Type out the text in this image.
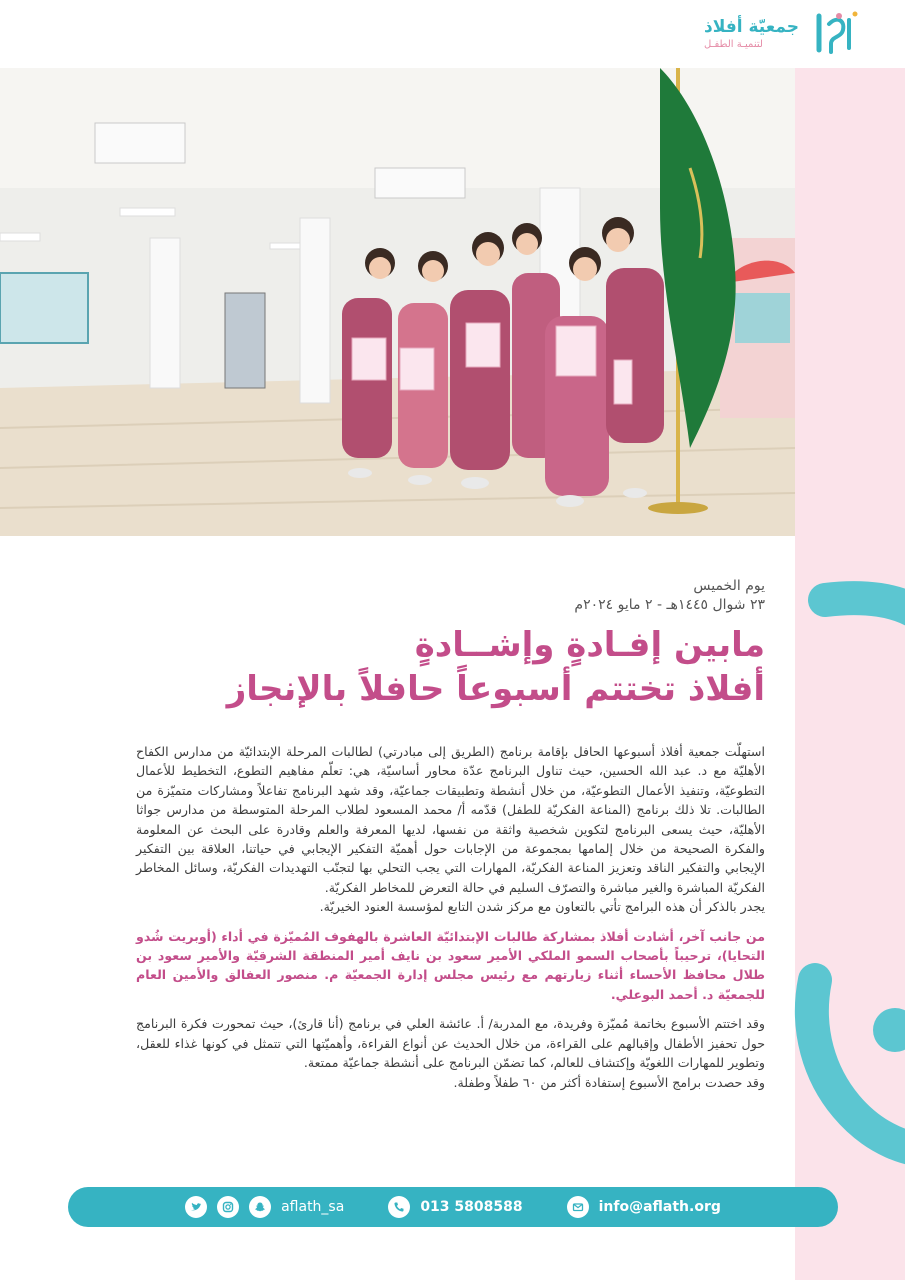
جمعيّة أفلاذ
لتنميـة الطفـل
يوم الخميس
٢٣ شوال ١٤٤٥هـ - ٢ مايو ٢٠٢٤م
مابين إفـادةٍ وإشــادةٍ
أفلاذ تختتم أسبوعاً حافلاً بالإنجاز

استهلّت جمعية أفلاذ أسبوعها الحافل بإقامة برنامج (الطريق إلى مبادرتي) لطالبات المرحلة الإبتدائيّة من مدارس الكفاح الأهليّة مع د. عبد الله الحسين، حيث تناول البرنامج عدّة محاور أساسيّة، هي: تعلّم مفاهيم التطوع، التخطيط للأعمال التطوعيّة، وتنفيذ الأعمال التطوعيّة، من خلال أنشطة وتطبيقات جماعيّة، وقد شهد البرنامج تفاعلاً ومشاركات متميّزة من الطالبات. تلا ذلك برنامج (المناعة الفكريّة للطفل) قدّمه أ/ محمد المسعود لطلاب المرحلة المتوسطة من مدارس جواثا الأهليّة، حيث يسعى البرنامج لتكوين شخصية واثقة من نفسها، لديها المعرفة والعلم وقادرة على البحث عن المعلومة والفكرة الصحيحة من خلال إلمامها بمجموعة من الإجابات حول أهميّة التفكير الإيجابي في حياتنا، العلاقة بين التفكير الإيجابي والتفكير الناقد وتعزيز المناعة الفكريّة، المهارات التي يجب التحلي بها لتجنّب التهديدات الفكريّة، وسائل المخاطر الفكريّة المباشرة والغير مباشرة والتصرّف السليم في حالة التعرض للمخاطر الفكريّة.

يجدر بالذكر أن هذه البرامج تأتي بالتعاون مع مركز شدن التابع لمؤسسة العنود الخيريّة.

من جانب آخر، أشادت أفلاذ بمشاركة طالبات الإبتدائيّة العاشرة بالهفوف المُميّزة في أداء (أوبريت شُدو التحايا)، ترحيباً بأصحاب السمو الملكي الأمير سعود بن نايف أمير المنطقة الشرقيّة والأمير سعود بن طلال محافظ الأحساء أثناء زيارتهم مع رئيس مجلس إدارة الجمعيّة م. منصور العفالق والأمين العام للجمعيّة د. أحمد البوعلي.

وقد اختتم الأسبوع بخاتمة مُميّزة وفريدة، مع المدربة/ أ. عائشة العلي في برنامج (أنا قارئ)، حيث تمحورت فكرة البرنامج حول تحفيز الأطفال وإقبالهم على القراءة، من خلال الحديث عن أنواع القراءة، وأهميّتها التي تتمثل في كونها غذاء للعقل، وتطوير للمهارات اللغويّة وإكتشاف للعالم، كما تضمّن البرنامج على أنشطة جماعيّة ممتعة.

وقد حصدت برامج الأسبوع إستفادة أكثر من ٦٠ طفلاً وطفلة.

aflath_sa	013 5808588	info@aflath.org
